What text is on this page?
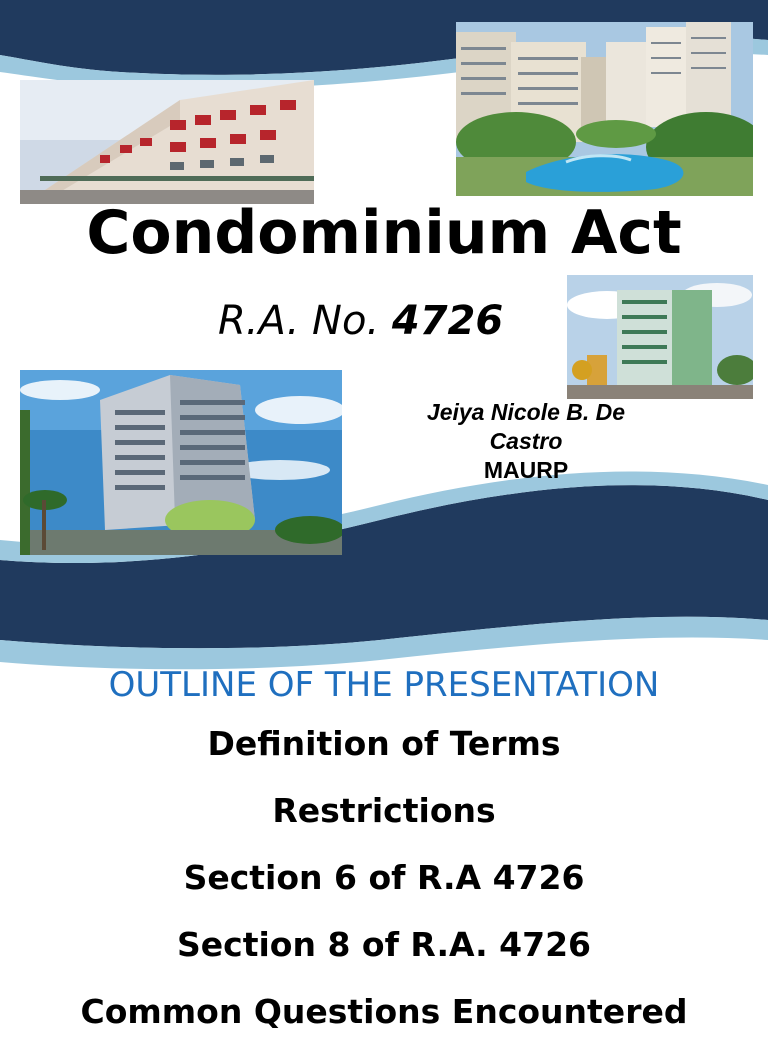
Condominium Act
R.A. No. 4726
Jeiya Nicole B. De
Castro
MAURP
OUTLINE OF THE PRESENTATION
Definition of Terms
Restrictions
Section 6 of R.A 4726
Section 8 of R.A. 4726
Common Questions Encountered
